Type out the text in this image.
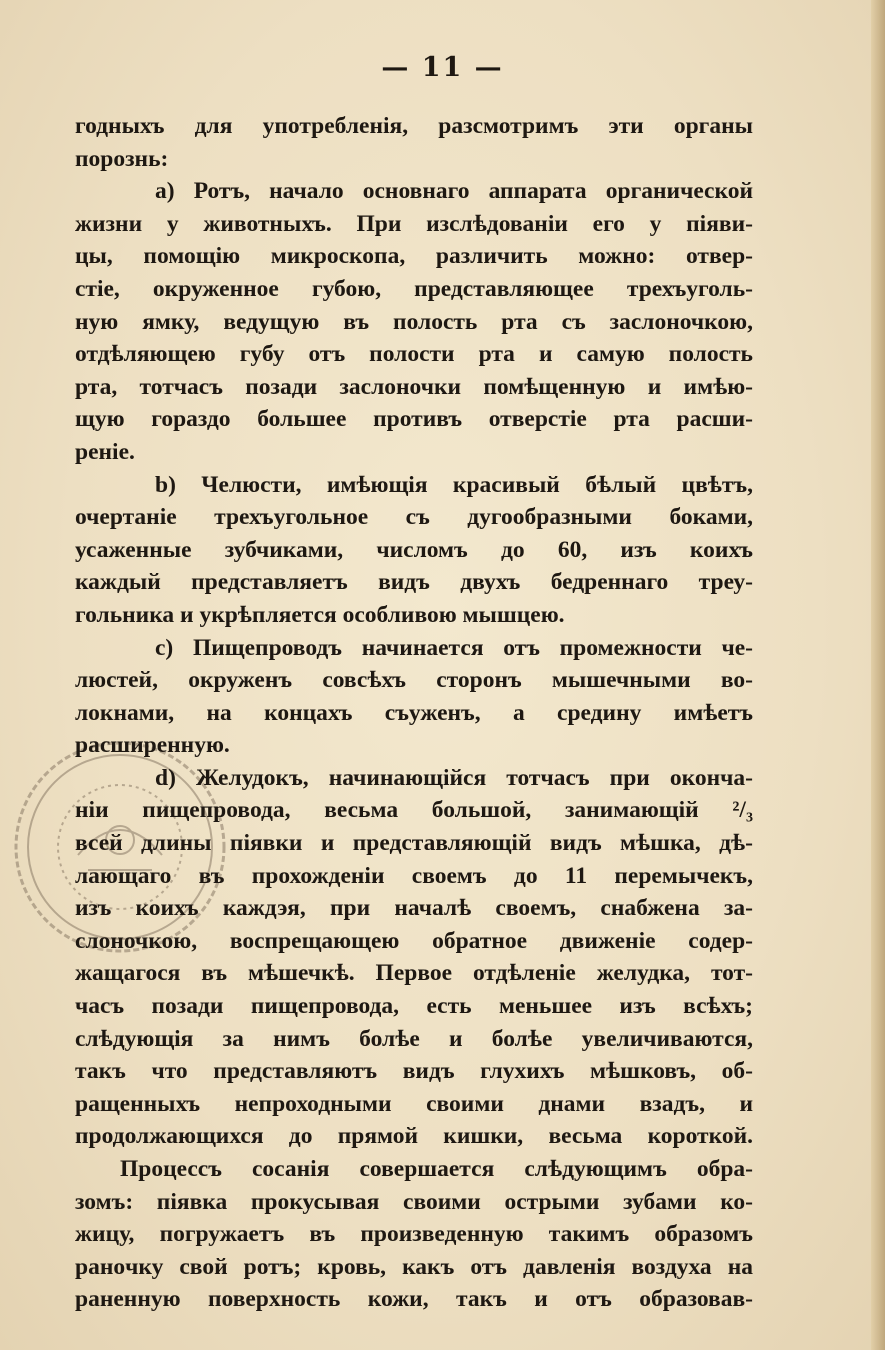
— 11 —
годныхъ для употребленія, разсмотримъ эти органы
порознь:
a) Ротъ, начало основнаго аппарата органической
жизни у животныхъ. При изслѣдованіи его у піяви-
цы, помощію микроскопа, различить можно: отвер-
стіе, окруженное губою, представляющее трехъуголь-
ную ямку, ведущую въ полость рта съ заслоночкою,
отдѣляющею губу отъ полости рта и самую полость
рта, тотчасъ позади заслоночки помѣщенную и имѣю-
щую гораздо большее противъ отверстіе рта расши-
реніе.
b) Челюсти, имѣющія красивый бѣлый цвѣтъ,
очертаніе трехъугольное съ дугообразными боками,
усаженные зубчиками, числомъ до 60, изъ коихъ
каждый представляетъ видъ двухъ бедреннаго треу-
гольника и укрѣпляется особливою мышцею.
c) Пищепроводъ начинается отъ промежности че-
люстей, окруженъ совсѣхъ сторонъ мышечными во-
локнами, на концахъ съуженъ, а средину имѣетъ
расширенную.
d) Желудокъ, начинающійся тотчасъ при оконча-
ніи пищепровода, весьма большой, занимающій ²/₃
всей длины піявки и представляющій видъ мѣшка, дѣ-
лающаго въ прохожденіи своемъ до 11 перемычекъ,
изъ коихъ каждэя, при началѣ своемъ, снабжена за-
слоночкою, воспрещающею обратное движеніе содер-
жащагося въ мѣшечкѣ. Первое отдѣленіе желудка, тот-
часъ позади пищепровода, есть меньшее изъ всѣхъ;
слѣдующія за нимъ болѣе и болѣе увеличиваются,
такъ что представляютъ видъ глухихъ мѣшковъ, об-
ращенныхъ непроходными своими днами взадъ, и
продолжающихся до прямой кишки, весьма короткой.
Процессъ сосанія совершается слѣдующимъ обра-
зомъ: піявка прокусывая своими острыми зубами ко-
жицу, погружаетъ въ произведенную такимъ образомъ
ранoчку свой ротъ; кровь, какъ отъ давленія воздуха на
раненную поверхность кожи, такъ и отъ образовав-
